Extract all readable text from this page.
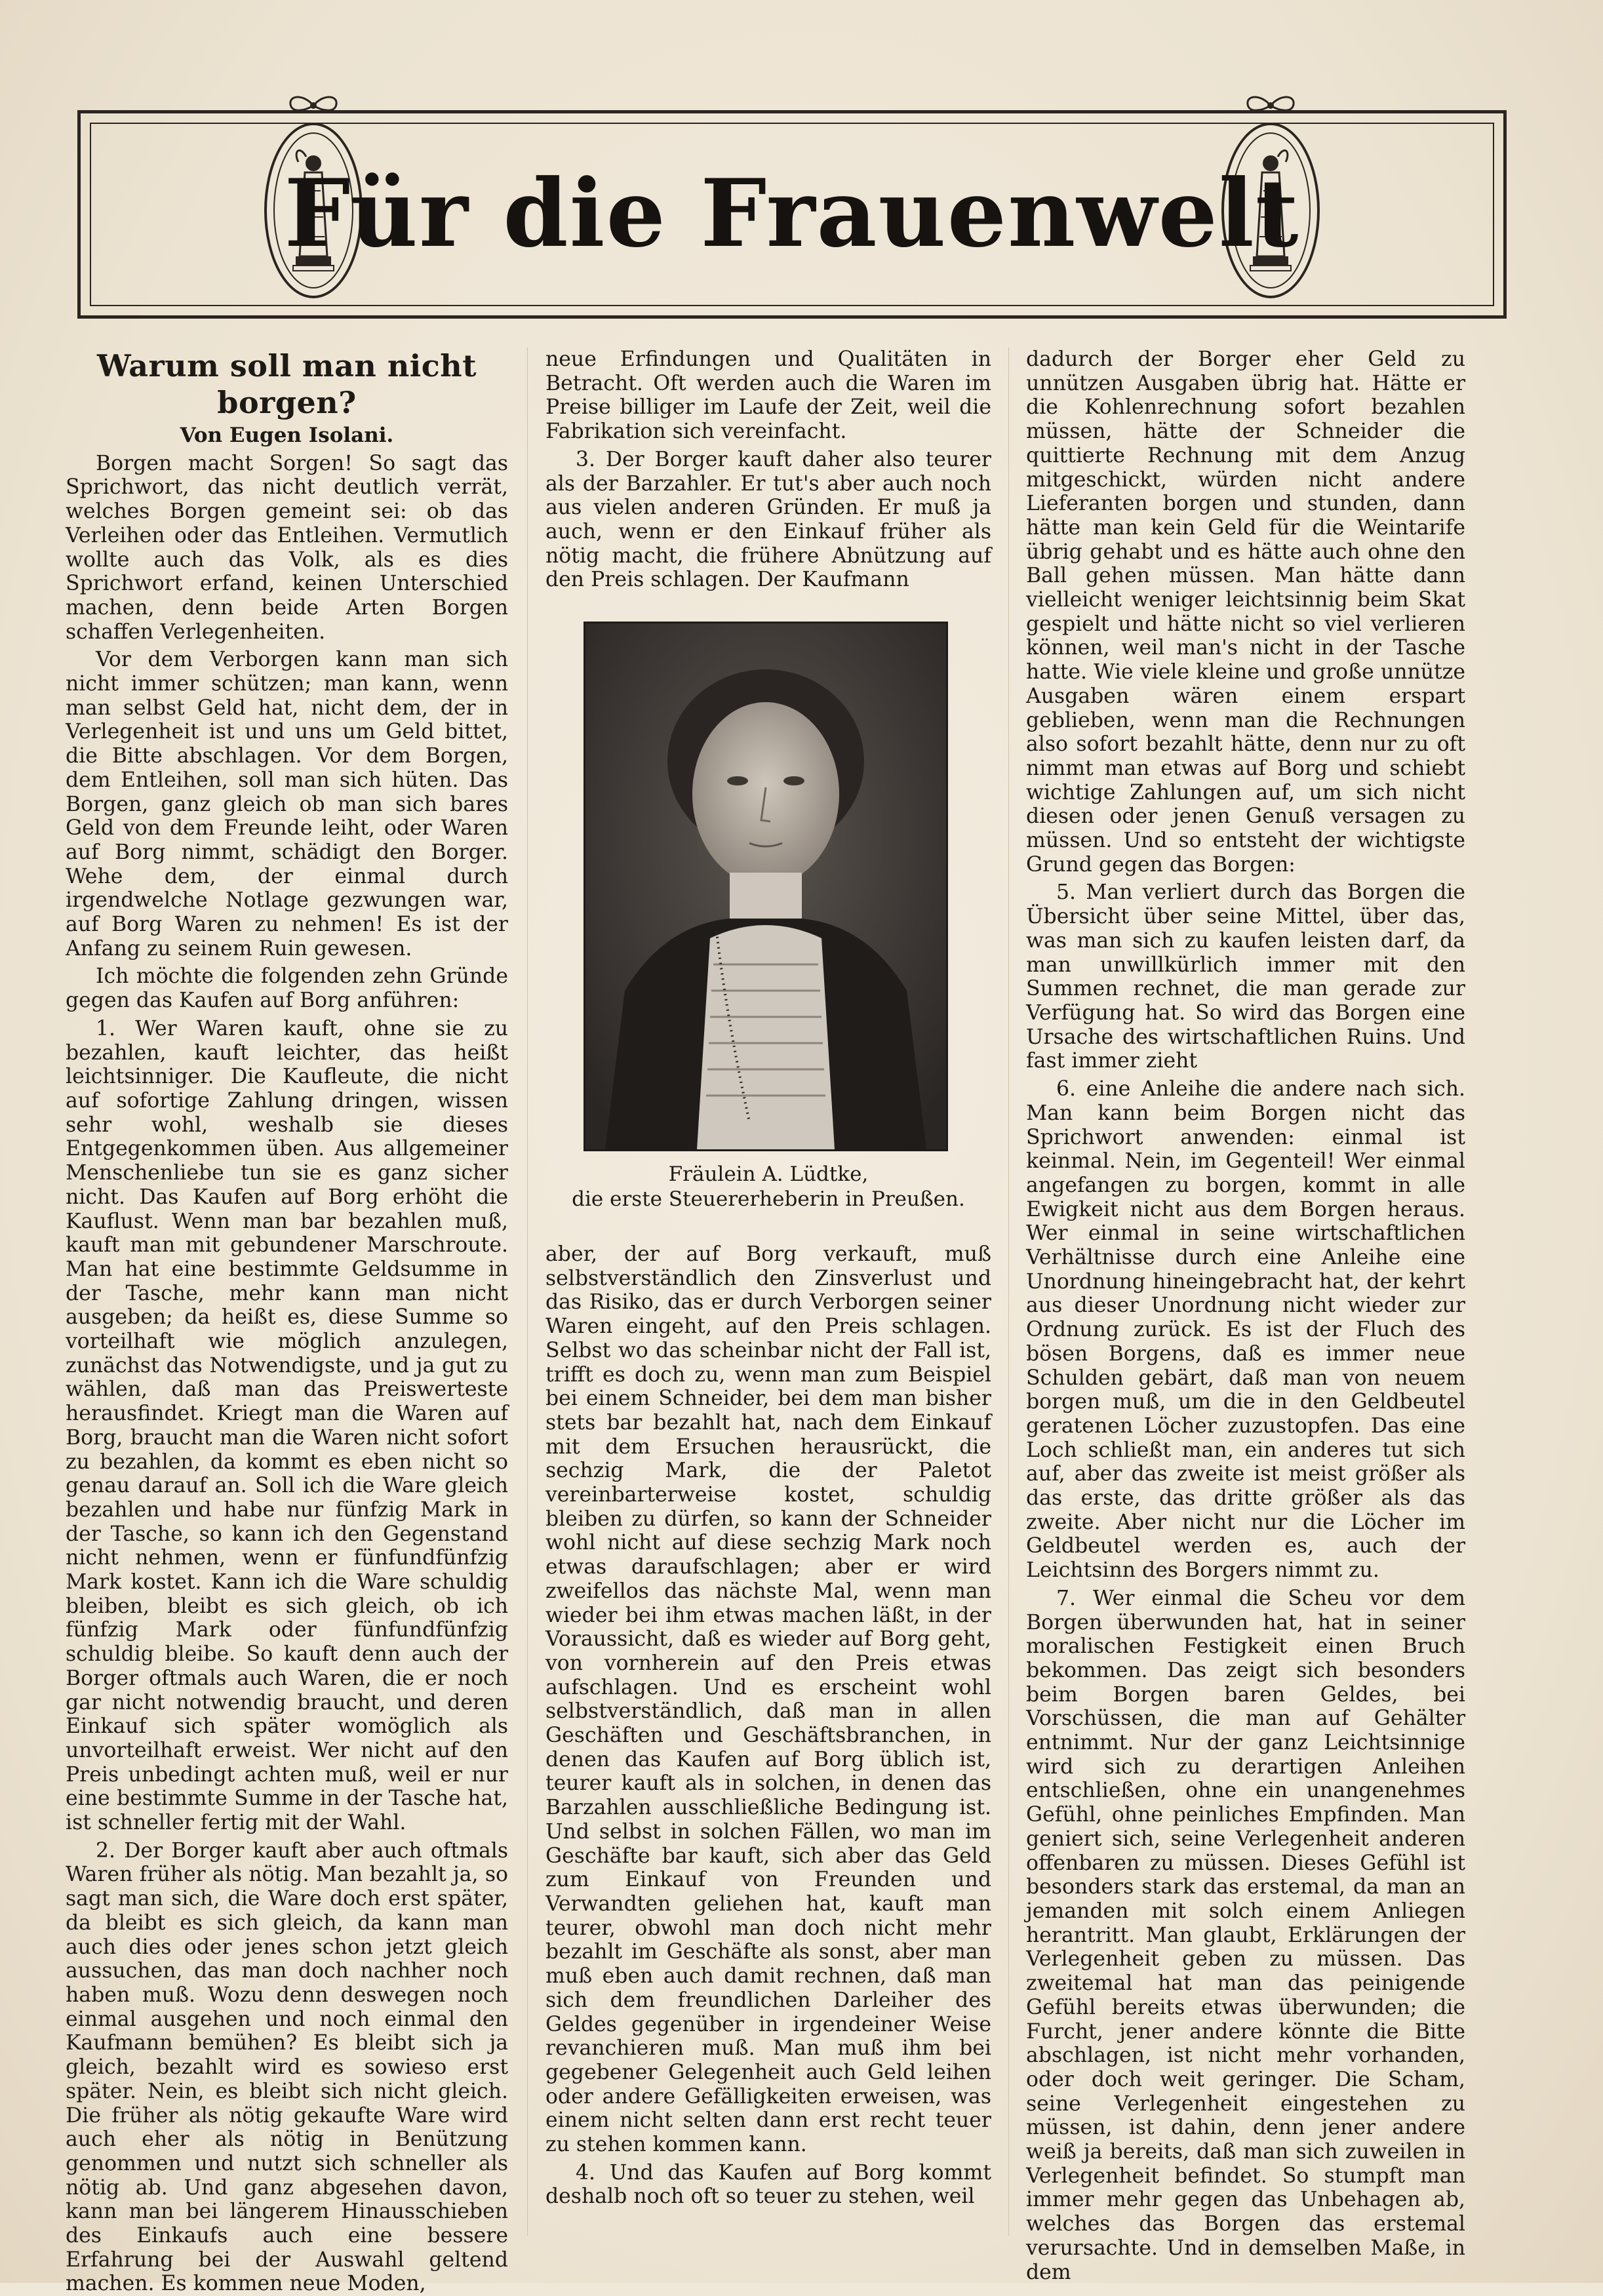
Für die Frauenwelt
Warum soll man nicht borgen?
Von Eugen Isolani.

Borgen macht Sorgen! So sagt das Sprichwort, das nicht deutlich verrät, welches Borgen gemeint sei: ob das Verleihen oder das Entleihen. Vermutlich wollte auch das Volk, als es dies Sprichwort erfand, keinen Unterschied machen, denn beide Arten Borgen schaffen Verlegenheiten.

Vor dem Verborgen kann man sich nicht immer schützen; man kann, wenn man selbst Geld hat, nicht dem, der in Verlegenheit ist und uns um Geld bittet, die Bitte abschlagen. Vor dem Borgen, dem Entleihen, soll man sich hüten. Das Borgen, ganz gleich ob man sich bares Geld von dem Freunde leiht, oder Waren auf Borg nimmt, schädigt den Borger. Wehe dem, der einmal durch irgendwelche Notlage gezwungen war, auf Borg Waren zu nehmen! Es ist der Anfang zu seinem Ruin gewesen.

Ich möchte die folgenden zehn Gründe gegen das Kaufen auf Borg anführen:

1. Wer Waren kauft, ohne sie zu bezahlen, kauft leichter, das heißt leichtsinniger. Die Kaufleute, die nicht auf sofortige Zahlung dringen, wissen sehr wohl, weshalb sie dieses Entgegenkommen üben. Aus allgemeiner Menschenliebe tun sie es ganz sicher nicht. Das Kaufen auf Borg erhöht die Kauflust. Wenn man bar bezahlen muß, kauft man mit gebundener Marschroute. Man hat eine bestimmte Geldsumme in der Tasche, mehr kann man nicht ausgeben; da heißt es, diese Summe so vorteilhaft wie möglich anzulegen, zunächst das Notwendigste, und ja gut zu wählen, daß man das Preiswerteste herausfindet. Kriegt man die Waren auf Borg, braucht man die Waren nicht sofort zu bezahlen, da kommt es eben nicht so genau darauf an. Soll ich die Ware gleich bezahlen und habe nur fünfzig Mark in der Tasche, so kann ich den Gegenstand nicht nehmen, wenn er fünfundfünfzig Mark kostet. Kann ich die Ware schuldig bleiben, bleibt es sich gleich, ob ich fünfzig Mark oder fünfundfünfzig schuldig bleibe. So kauft denn auch der Borger oftmals auch Waren, die er noch gar nicht notwendig braucht, und deren Einkauf sich später womöglich als unvorteilhaft erweist. Wer nicht auf den Preis unbedingt achten muß, weil er nur eine bestimmte Summe in der Tasche hat, ist schneller fertig mit der Wahl.

2. Der Borger kauft aber auch oftmals Waren früher als nötig. Man bezahlt ja, so sagt man sich, die Ware doch erst später, da bleibt es sich gleich, da kann man auch dies oder jenes schon jetzt gleich aussuchen, das man doch nachher noch haben muß. Wozu denn deswegen noch einmal ausgehen und noch einmal den Kaufmann bemühen? Es bleibt sich ja gleich, bezahlt wird es sowieso erst später. Nein, es bleibt sich nicht gleich. Die früher als nötig gekaufte Ware wird auch eher als nötig in Benützung genommen und nutzt sich schneller als nötig ab. Und ganz abgesehen davon, kann man bei längerem Hinausschieben des Einkaufs auch eine bessere Erfahrung bei der Auswahl geltend machen. Es kommen neue Moden,

neue Erfindungen und Qualitäten in Betracht. Oft werden auch die Waren im Preise billiger im Laufe der Zeit, weil die Fabrikation sich vereinfacht.

3. Der Borger kauft daher also teurer als der Barzahler. Er tut's aber auch noch aus vielen anderen Gründen. Er muß ja auch, wenn er den Einkauf früher als nötig macht, die frühere Abnützung auf den Preis schlagen. Der Kaufmann

Fräulein A. Lüdtke,
die erste Steuererheberin in Preußen.

aber, der auf Borg verkauft, muß selbstverständlich den Zinsverlust und das Risiko, das er durch Verborgen seiner Waren eingeht, auf den Preis schlagen. Selbst wo das scheinbar nicht der Fall ist, trifft es doch zu, wenn man zum Beispiel bei einem Schneider, bei dem man bisher stets bar bezahlt hat, nach dem Einkauf mit dem Ersuchen herausrückt, die sechzig Mark, die der Paletot vereinbarterweise kostet, schuldig bleiben zu dürfen, so kann der Schneider wohl nicht auf diese sechzig Mark noch etwas daraufschlagen; aber er wird zweifellos das nächste Mal, wenn man wieder bei ihm etwas machen läßt, in der Voraussicht, daß es wieder auf Borg geht, von vornherein auf den Preis etwas aufschlagen. Und es erscheint wohl selbstverständlich, daß man in allen Geschäften und Geschäftsbranchen, in denen das Kaufen auf Borg üblich ist, teurer kauft als in solchen, in denen das Barzahlen ausschließliche Bedingung ist. Und selbst in solchen Fällen, wo man im Geschäfte bar kauft, sich aber das Geld zum Einkauf von Freunden und Verwandten geliehen hat, kauft man teurer, obwohl man doch nicht mehr bezahlt im Geschäfte als sonst, aber man muß eben auch damit rechnen, daß man sich dem freundlichen Darleiher des Geldes gegenüber in irgendeiner Weise revanchieren muß. Man muß ihm bei gegebener Gelegenheit auch Geld leihen oder andere Gefälligkeiten erweisen, was einem nicht selten dann erst recht teuer zu stehen kommen kann.

4. Und das Kaufen auf Borg kommt deshalb noch oft so teuer zu stehen, weil

dadurch der Borger eher Geld zu unnützen Ausgaben übrig hat. Hätte er die Kohlenrechnung sofort bezahlen müssen, hätte der Schneider die quittierte Rechnung mit dem Anzug mitgeschickt, würden nicht andere Lieferanten borgen und stunden, dann hätte man kein Geld für die Weintarife übrig gehabt und es hätte auch ohne den Ball gehen müssen. Man hätte dann vielleicht weniger leichtsinnig beim Skat gespielt und hätte nicht so viel verlieren können, weil man's nicht in der Tasche hatte. Wie viele kleine und große unnütze Ausgaben wären einem erspart geblieben, wenn man die Rechnungen also sofort bezahlt hätte, denn nur zu oft nimmt man etwas auf Borg und schiebt wichtige Zahlungen auf, um sich nicht diesen oder jenen Genuß versagen zu müssen. Und so entsteht der wichtigste Grund gegen das Borgen:

5. Man verliert durch das Borgen die Übersicht über seine Mittel, über das, was man sich zu kaufen leisten darf, da man unwillkürlich immer mit den Summen rechnet, die man gerade zur Verfügung hat. So wird das Borgen eine Ursache des wirtschaftlichen Ruins. Und fast immer zieht

6. eine Anleihe die andere nach sich. Man kann beim Borgen nicht das Sprichwort anwenden: einmal ist keinmal. Nein, im Gegenteil! Wer einmal angefangen zu borgen, kommt in alle Ewigkeit nicht aus dem Borgen heraus. Wer einmal in seine wirtschaftlichen Verhältnisse durch eine Anleihe eine Unordnung hineingebracht hat, der kehrt aus dieser Unordnung nicht wieder zur Ordnung zurück. Es ist der Fluch des bösen Borgens, daß es immer neue Schulden gebärt, daß man von neuem borgen muß, um die in den Geldbeutel geratenen Löcher zuzustopfen. Das eine Loch schließt man, ein anderes tut sich auf, aber das zweite ist meist größer als das erste, das dritte größer als das zweite. Aber nicht nur die Löcher im Geldbeutel werden es, auch der Leichtsinn des Borgers nimmt zu.

7. Wer einmal die Scheu vor dem Borgen überwunden hat, hat in seiner moralischen Festigkeit einen Bruch bekommen. Das zeigt sich besonders beim Borgen baren Geldes, bei Vorschüssen, die man auf Gehälter entnimmt. Nur der ganz Leichtsinnige wird sich zu derartigen Anleihen entschließen, ohne ein unangenehmes Gefühl, ohne peinliches Empfinden. Man geniert sich, seine Verlegenheit anderen offenbaren zu müssen. Dieses Gefühl ist besonders stark das erstemal, da man an jemanden mit solch einem Anliegen herantritt. Man glaubt, Erklärungen der Verlegenheit geben zu müssen. Das zweitemal hat man das peinigende Gefühl bereits etwas überwunden; die Furcht, jener andere könnte die Bitte abschlagen, ist nicht mehr vorhanden, oder doch weit geringer. Die Scham, seine Verlegenheit eingestehen zu müssen, ist dahin, denn jener andere weiß ja bereits, daß man sich zuweilen in Verlegenheit befindet. So stumpft man immer mehr gegen das Unbehagen ab, welches das Borgen das erstemal verursachte. Und in demselben Maße, in dem
